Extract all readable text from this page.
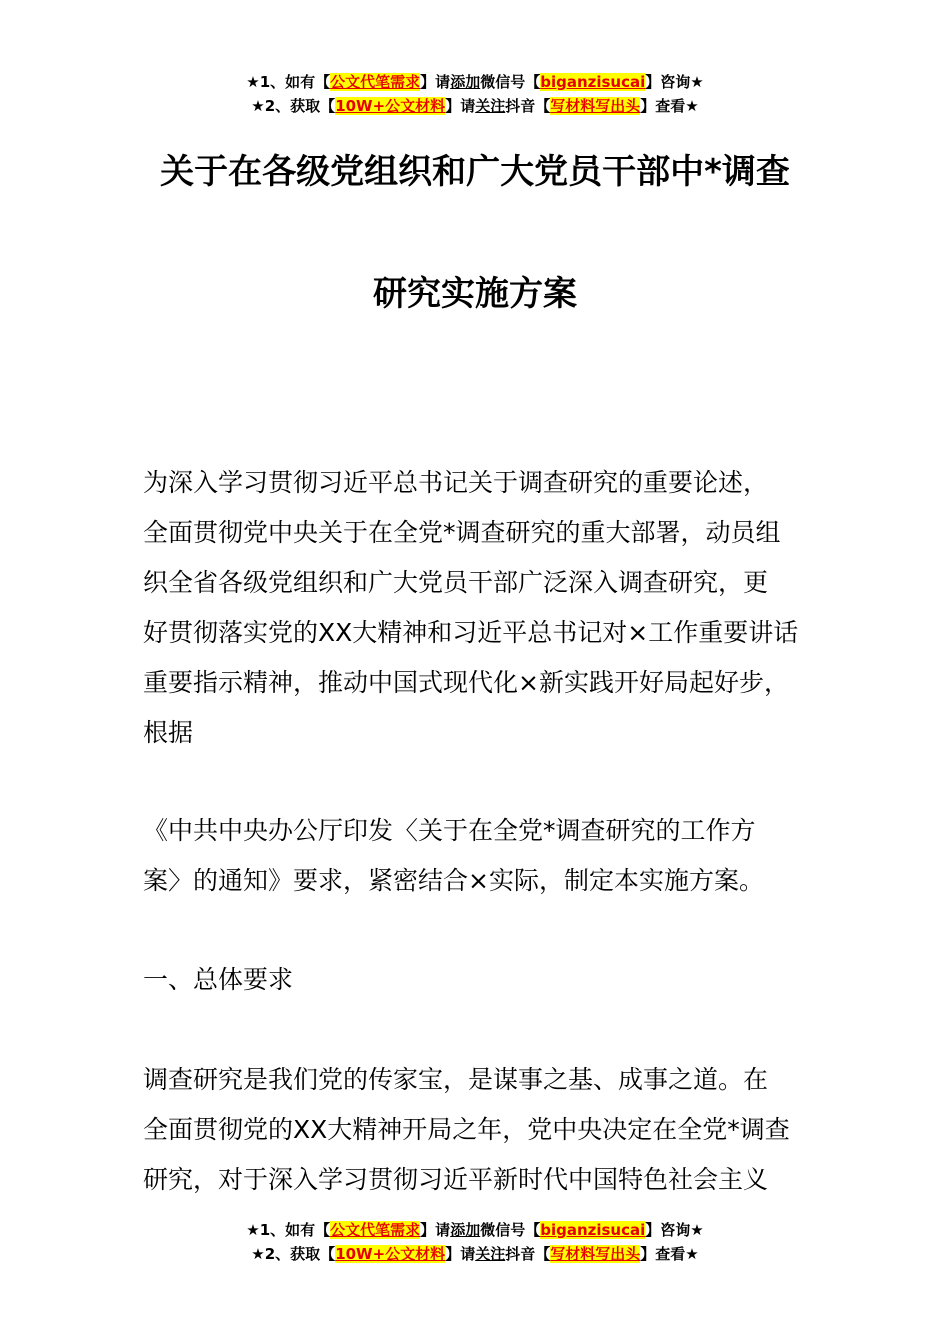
★1、如有【公文代笔需求】请添加微信号【biganzisucai】咨询★
★2、获取【10W+公文材料】请关注抖音【写材料写出头】查看★
关于在各级党组织和广大党员干部中*调查
研究实施方案
为深入学习贯彻习近平总书记关于调查研究的重要论述，
全面贯彻党中央关于在全党*调查研究的重大部署，动员组
织全省各级党组织和广大党员干部广泛深入调查研究，更
好贯彻落实党的XX大精神和习近平总书记对×工作重要讲话
重要指示精神，推动中国式现代化×新实践开好局起好步，
根据
《中共中央办公厅印发〈关于在全党*调查研究的工作方
案〉的通知》要求，紧密结合×实际，制定本实施方案。
一、总体要求
调查研究是我们党的传家宝，是谋事之基、成事之道。在
全面贯彻党的XX大精神开局之年，党中央决定在全党*调查
研究，对于深入学习贯彻习近平新时代中国特色社会主义
★1、如有【公文代笔需求】请添加微信号【biganzisucai】咨询★
★2、获取【10W+公文材料】请关注抖音【写材料写出头】查看★
